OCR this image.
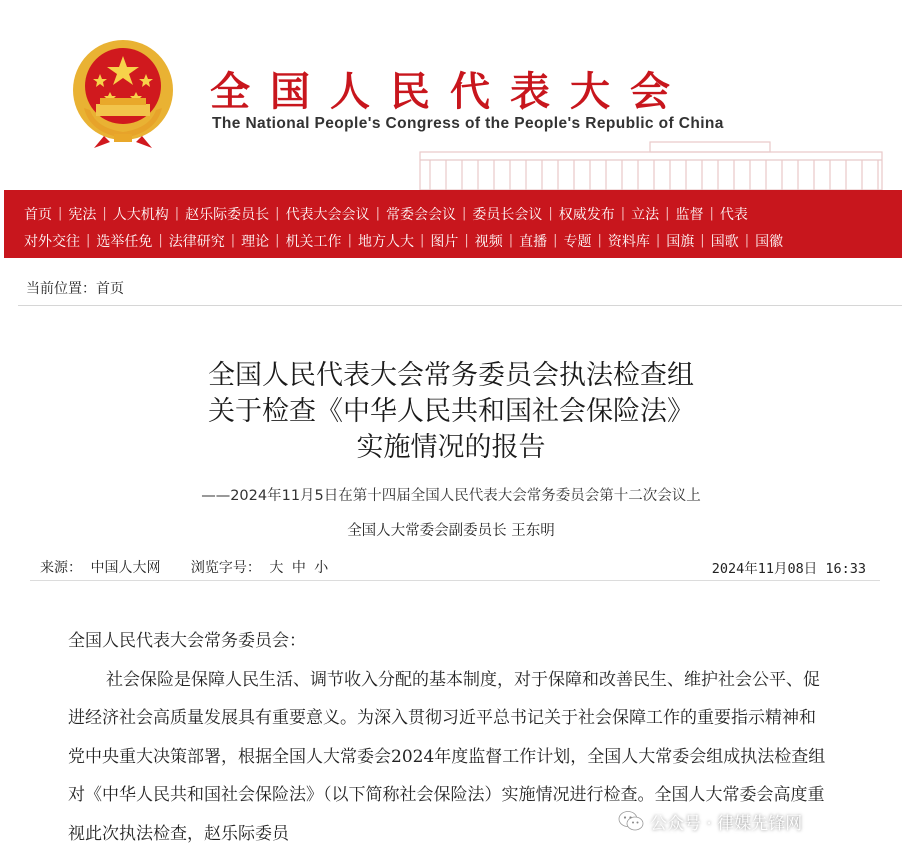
全国人民代表大会
The National People's Congress of the People's Republic of China
首页 | 宪法 | 人大机构 | 赵乐际委员长 | 代表大会会议 | 常委会会议 | 委员长会议 | 权威发布 | 立法 | 监督 | 代表
对外交往 | 选举任免 | 法律研究 | 理论 | 机关工作 | 地方人大 | 图片 | 视频 | 直播 | 专题 | 资料库 | 国旗 | 国歌 | 国徽
当前位置：首页
全国人民代表大会常务委员会执法检查组
关于检查《中华人民共和国社会保险法》
实施情况的报告
——2024年11月5日在第十四届全国人民代表大会常务委员会第十二次会议上
全国人大常委会副委员长 王东明
来源： 中国人大网 浏览字号： 大 中 小	2024年11月08日 16:33

全国人民代表大会常务委员会：

社会保险是保障人民生活、调节收入分配的基本制度，对于保障和改善民生、维护社会公平、促进经济社会高质量发展具有重要意义。为深入贯彻习近平总书记关于社会保障工作的重要指示精神和党中央重大决策部署，根据全国人大常委会2024年度监督工作计划，全国人大常委会组成执法检查组对《中华人民共和国社会保险法》（以下简称社会保险法）实施情况进行检查。全国人大常委会高度重视此次执法检查，赵乐际委员	公众号 · 律媒先锋网
